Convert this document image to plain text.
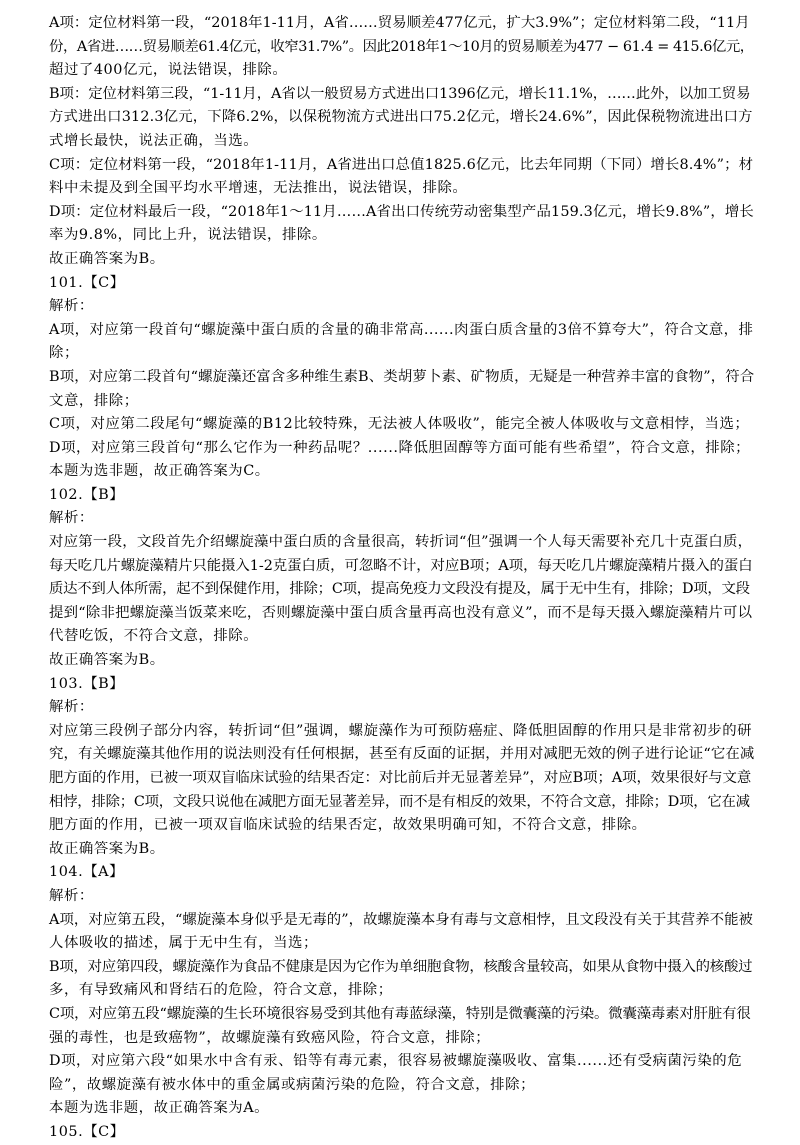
A项：定位材料第一段，“2018年1-11月，A省……贸易顺差477亿元，扩大3.9%”；定位材料第二段，“11月
份，A省进……贸易顺差61.4亿元，收窄31.7%”。因此2018年1～10月的贸易顺差为477 − 61.4 = 415.6亿元，
超过了400亿元，说法错误，排除。
B项：定位材料第三段，“1-11月，A省以一般贸易方式进出口1396亿元，增长11.1%，……此外，以加工贸易
方式进出口312.3亿元，下降6.2%，以保税物流方式进出口75.2亿元，增长24.6%”，因此保税物流进出口方
式增长最快，说法正确，当选。
C项：定位材料第一段，“2018年1-11月，A省进出口总值1825.6亿元，比去年同期（下同）增长8.4%”；材
料中未提及到全国平均水平增速，无法推出，说法错误，排除。
D项：定位材料最后一段，“2018年1～11月……A省出口传统劳动密集型产品159.3亿元，增长9.8%”，增长
率为9.8%，同比上升，说法错误，排除。
故正确答案为B。
101.【C】
解析：
A项，对应第一段首句“螺旋藻中蛋白质的含量的确非常高......肉蛋白质含量的3倍不算夸大”，符合文意，排
除；
B项，对应第二段首句“螺旋藻还富含多种维生素B、类胡萝卜素、矿物质，无疑是一种营养丰富的食物”，符合
文意，排除；
C项，对应第二段尾句“螺旋藻的B12比较特殊，无法被人体吸收”，能完全被人体吸收与文意相悖，当选；
D项，对应第三段首句“那么它作为一种药品呢？......降低胆固醇等方面可能有些希望”，符合文意，排除；
本题为选非题，故正确答案为C。
102.【B】
解析：
对应第一段，文段首先介绍螺旋藻中蛋白质的含量很高，转折词“但”强调一个人每天需要补充几十克蛋白质，
每天吃几片螺旋藻精片只能摄入1-2克蛋白质，可忽略不计，对应B项；A项，每天吃几片螺旋藻精片摄入的蛋白
质达不到人体所需，起不到保健作用，排除；C项，提高免疫力文段没有提及，属于无中生有，排除；D项，文段
提到“除非把螺旋藻当饭菜来吃，否则螺旋藻中蛋白质含量再高也没有意义”，而不是每天摄入螺旋藻精片可以
代替吃饭，不符合文意，排除。
故正确答案为B。
103.【B】
解析：
对应第三段例子部分内容，转折词“但”强调，螺旋藻作为可预防癌症、降低胆固醇的作用只是非常初步的研
究，有关螺旋藻其他作用的说法则没有任何根据，甚至有反面的证据，并用对减肥无效的例子进行论证“它在减
肥方面的作用，已被一项双盲临床试验的结果否定：对比前后并无显著差异”，对应B项；A项，效果很好与文意
相悖，排除；C项，文段只说他在减肥方面无显著差异，而不是有相反的效果，不符合文意，排除；D项，它在减
肥方面的作用，已被一项双盲临床试验的结果否定，故效果明确可知，不符合文意，排除。
故正确答案为B。
104.【A】
解析：
A项，对应第五段，“螺旋藻本身似乎是无毒的”，故螺旋藻本身有毒与文意相悖，且文段没有关于其营养不能被
人体吸收的描述，属于无中生有，当选；
B项，对应第四段，螺旋藻作为食品不健康是因为它作为单细胞食物，核酸含量较高，如果从食物中摄入的核酸过
多，有导致痛风和肾结石的危险，符合文意，排除；
C项，对应第五段“螺旋藻的生长环境很容易受到其他有毒蓝绿藻，特别是微囊藻的污染。微囊藻毒素对肝脏有很
强的毒性，也是致癌物”，故螺旋藻有致癌风险，符合文意，排除；
D项，对应第六段“如果水中含有汞、铅等有毒元素，很容易被螺旋藻吸收、富集......还有受病菌污染的危
险”，故螺旋藻有被水体中的重金属或病菌污染的危险，符合文意，排除；
本题为选非题，故正确答案为A。
105.【C】
